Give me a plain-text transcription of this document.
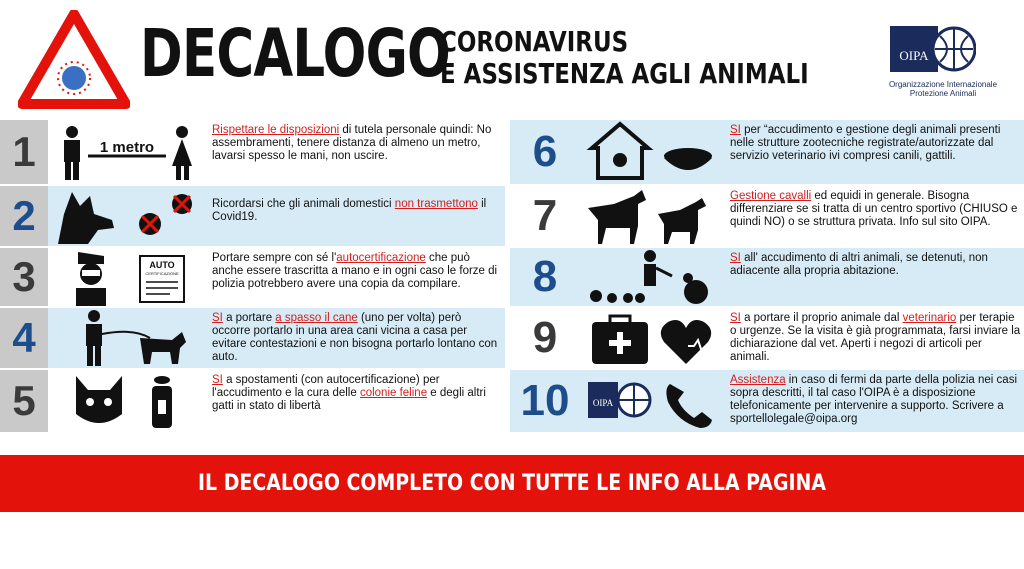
DECALOGO
CORONAVIRUS
E ASSISTENZA AGLI ANIMALI
OIPA
Organizzazione Internazionale
Protezione Animali
1	1 metro
Rispettare le disposizioni di tutela personale quindi: No assembramenti, tenere distanza di almeno un metro, lavarsi spesso le mani, non uscire.
2	Ricordarsi che gli animali domestici non trasmettono il Covid19.
3	AUTO
CERTIFICAZIONE
Portare sempre con sé l'autocertificazione che può anche essere trascritta a mano e in ogni caso le forze di polizia potrebbero avere una copia da compilare.
4	SI a portare a spasso il cane (uno per volta) però occorre portarlo in una area cani vicina a casa per evitare contestazioni e non bisogna portarlo lontano con auto.
5	SI a spostamenti (con autocertificazione) per l'accudimento e la cura delle colonie feline e degli altri gatti in stato di libertà
6	SI per “accudimento e gestione degli animali presenti nelle strutture zootecniche registrate/autorizzate dal servizio veterinario ivi compresi canili, gattili.
7	Gestione cavalli ed equidi in generale. Bisogna differenziare se si tratta di un centro sportivo (CHIUSO e quindi NO) o se struttura privata. Info sul sito OIPA.
8	SI all' accudimento di altri animali, se detenuti, non adiacente alla propria abitazione.
9	SI a portare il proprio animale dal veterinario per terapie o urgenze. Se la visita è già programmata, farsi inviare la dichiarazione dal vet. Aperti i negozi di articoli per animali.
10	OIPA
Assistenza in caso di fermi da parte della polizia nei casi sopra descritti, il tal caso l'OIPA è a disposizione telefonicamente per intervenire a supporto. Scrivere a sportellolegale@oipa.org
IL DECALOGO COMPLETO CON TUTTE LE INFO ALLA PAGINA WWW.OIPA.ORG/ITALIA/CORONAVIRUS
